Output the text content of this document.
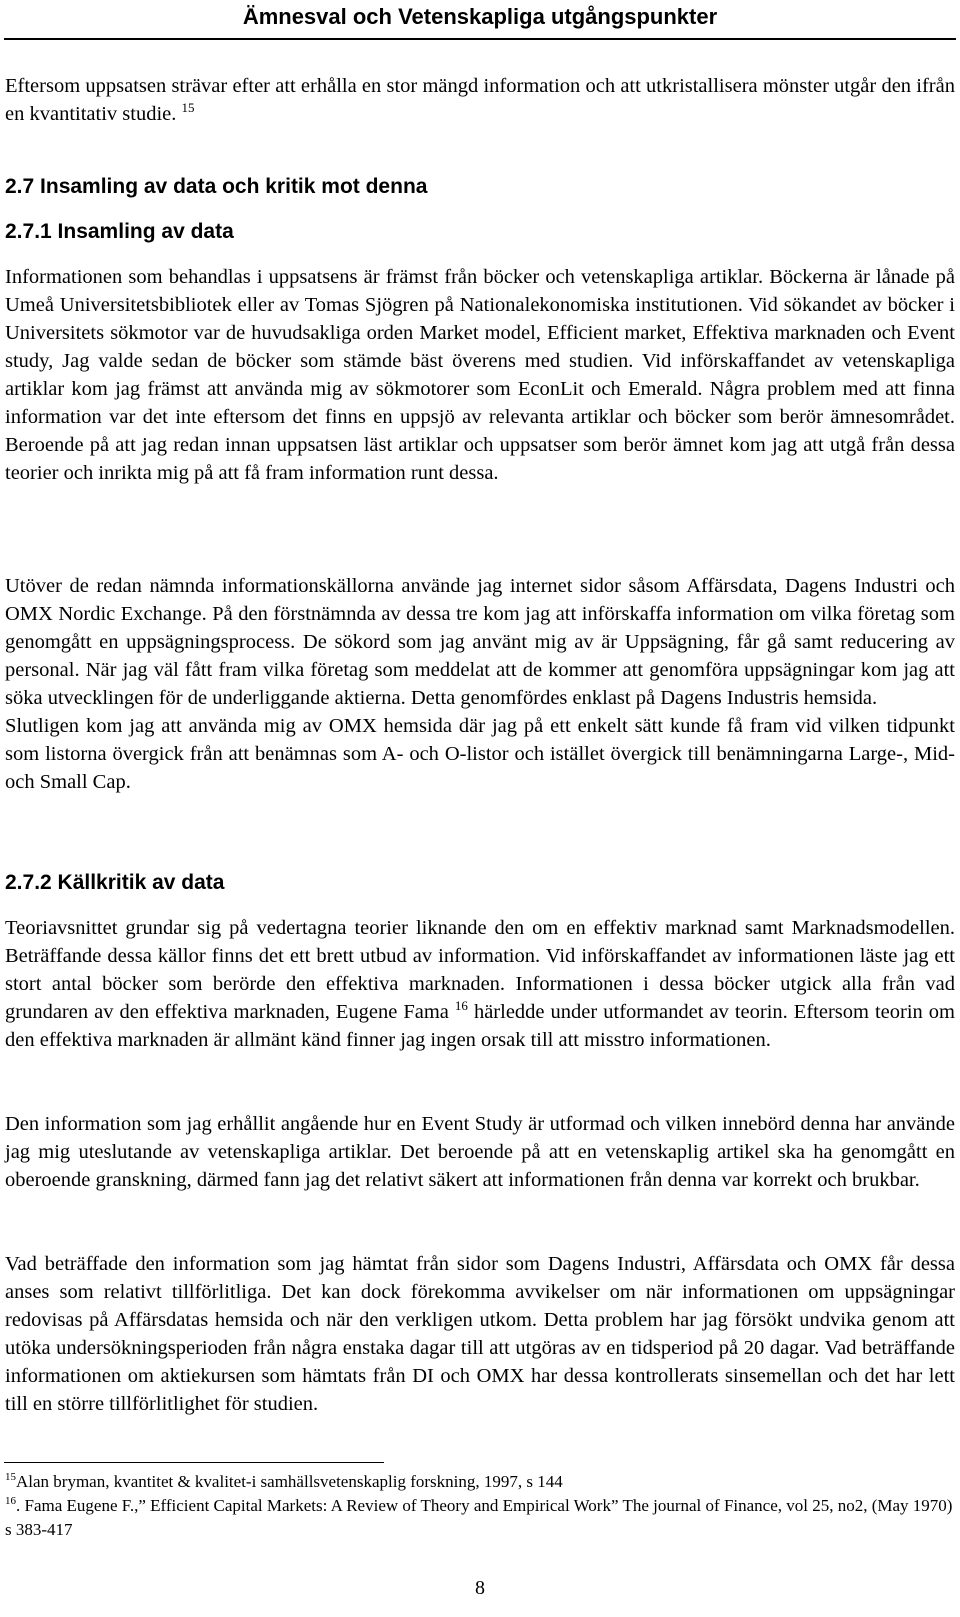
Ämnesval och Vetenskapliga utgångspunkter

Eftersom uppsatsen strävar efter att erhålla en stor mängd information och att utkristallisera mönster utgår den ifrån en kvantitativ studie. $^{15}$

2.7 Insamling av data och kritik mot denna

2.7.1 Insamling av data

Informationen som behandlas i uppsatsens är främst från böcker och vetenskapliga artiklar. Böckerna är lånade på Umeå Universitetsbibliotek eller av Tomas Sjögren på Nationalekonomiska institutionen. Vid sökandet av böcker i Universitets sökmotor var de huvudsakliga orden Market model, Efficient market, Effektiva marknaden och Event study, Jag valde sedan de böcker som stämde bäst överens med studien. Vid införskaffandet av vetenskapliga artiklar kom jag främst att använda mig av sökmotorer som EconLit och Emerald. Några problem med att finna information var det inte eftersom det finns en uppsjö av relevanta artiklar och böcker som berör ämnesområdet. Beroende på att jag redan innan uppsatsen läst artiklar och uppsatser som berör ämnet kom jag att utgå från dessa teorier och inrikta mig på att få fram information runt dessa.

Utöver de redan nämnda informationskällorna använde jag internet sidor såsom Affärsdata, Dagens Industri och OMX Nordic Exchange. På den förstnämnda av dessa tre kom jag att införskaffa information om vilka företag som genomgått en uppsägningsprocess. De sökord som jag använt mig av är Uppsägning, får gå samt reducering av personal. När jag väl fått fram vilka företag som meddelat att de kommer att genomföra uppsägningar kom jag att söka utvecklingen för de underliggande aktierna. Detta genomfördes enklast på Dagens Industris hemsida.

Slutligen kom jag att använda mig av OMX hemsida där jag på ett enkelt sätt kunde få fram vid vilken tidpunkt som listorna övergick från att benämnas som A- och O-listor och istället övergick till benämningarna Large-, Mid- och Small Cap.

2.7.2 Källkritik av data

Teoriavsnittet grundar sig på vedertagna teorier liknande den om en effektiv marknad samt Marknadsmodellen. Beträffande dessa källor finns det ett brett utbud av information. Vid införskaffandet av informationen läste jag ett stort antal böcker som berörde den effektiva marknaden. Informationen i dessa böcker utgick alla från vad grundaren av den effektiva marknaden, Eugene Fama $^{16}$ härledde under utformandet av teorin. Eftersom teorin om den effektiva marknaden är allmänt känd finner jag ingen orsak till att misstro informationen.

Den information som jag erhållit angående hur en Event Study är utformad och vilken innebörd denna har använde jag mig uteslutande av vetenskapliga artiklar. Det beroende på att en vetenskaplig artikel ska ha genomgått en oberoende granskning, därmed fann jag det relativt säkert att informationen från denna var korrekt och brukbar.

Vad beträffade den information som jag hämtat från sidor som Dagens Industri, Affärsdata och OMX får dessa anses som relativt tillförlitliga. Det kan dock förekomma avvikelser om när informationen om uppsägningar redovisas på Affärsdatas hemsida och när den verkligen utkom. Detta problem har jag försökt undvika genom att utöka undersökningsperioden från några enstaka dagar till att utgöras av en tidsperiod på 20 dagar. Vad beträffande informationen om aktiekursen som hämtats från DI och OMX har dessa kontrollerats sinsemellan och det har lett till en större tillförlitlighet för studien.

$^{15}$Alan bryman, kvantitet & kvalitet-i samhällsvetenskaplig forskning, 1997, s 144

$^{16}$. Fama Eugene F.,” Efficient Capital Markets: A Review of Theory and Empirical Work” The journal of Finance, vol 25, no2, (May 1970) s 383-417

8
